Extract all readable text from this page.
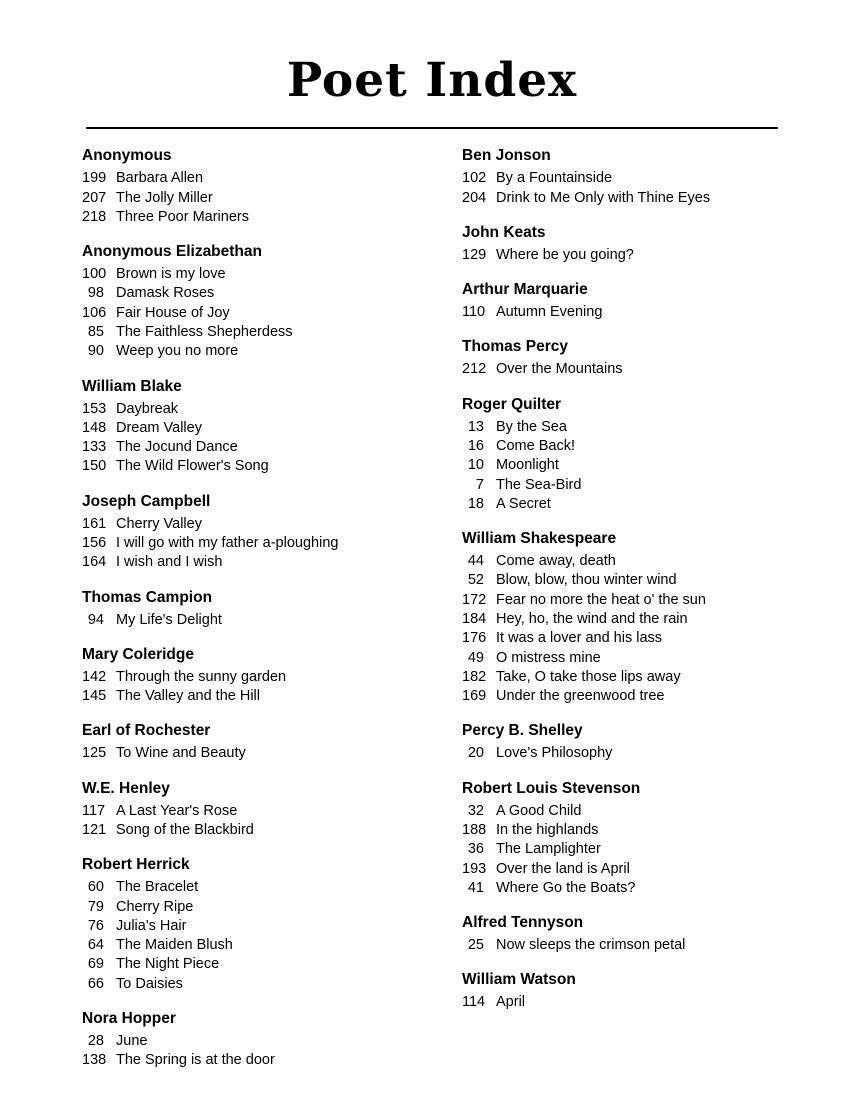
Poet Index
Anonymous
199 Barbara Allen
207 The Jolly Miller
218 Three Poor Mariners
Anonymous Elizabethan
100 Brown is my love
98 Damask Roses
106 Fair House of Joy
85 The Faithless Shepherdess
90 Weep you no more
William Blake
153 Daybreak
148 Dream Valley
133 The Jocund Dance
150 The Wild Flower's Song
Joseph Campbell
161 Cherry Valley
156 I will go with my father a-ploughing
164 I wish and I wish
Thomas Campion
94 My Life's Delight
Mary Coleridge
142 Through the sunny garden
145 The Valley and the Hill
Earl of Rochester
125 To Wine and Beauty
W.E. Henley
117 A Last Year's Rose
121 Song of the Blackbird
Robert Herrick
60 The Bracelet
79 Cherry Ripe
76 Julia's Hair
64 The Maiden Blush
69 The Night Piece
66 To Daisies
Nora Hopper
28 June
138 The Spring is at the door
Ben Jonson
102 By a Fountainside
204 Drink to Me Only with Thine Eyes
John Keats
129 Where be you going?
Arthur Marquarie
110 Autumn Evening
Thomas Percy
212 Over the Mountains
Roger Quilter
13 By the Sea
16 Come Back!
10 Moonlight
7 The Sea-Bird
18 A Secret
William Shakespeare
44 Come away, death
52 Blow, blow, thou winter wind
172 Fear no more the heat o' the sun
184 Hey, ho, the wind and the rain
176 It was a lover and his lass
49 O mistress mine
182 Take, O take those lips away
169 Under the greenwood tree
Percy B. Shelley
20 Love's Philosophy
Robert Louis Stevenson
32 A Good Child
188 In the highlands
36 The Lamplighter
193 Over the land is April
41 Where Go the Boats?
Alfred Tennyson
25 Now sleeps the crimson petal
William Watson
114 April
